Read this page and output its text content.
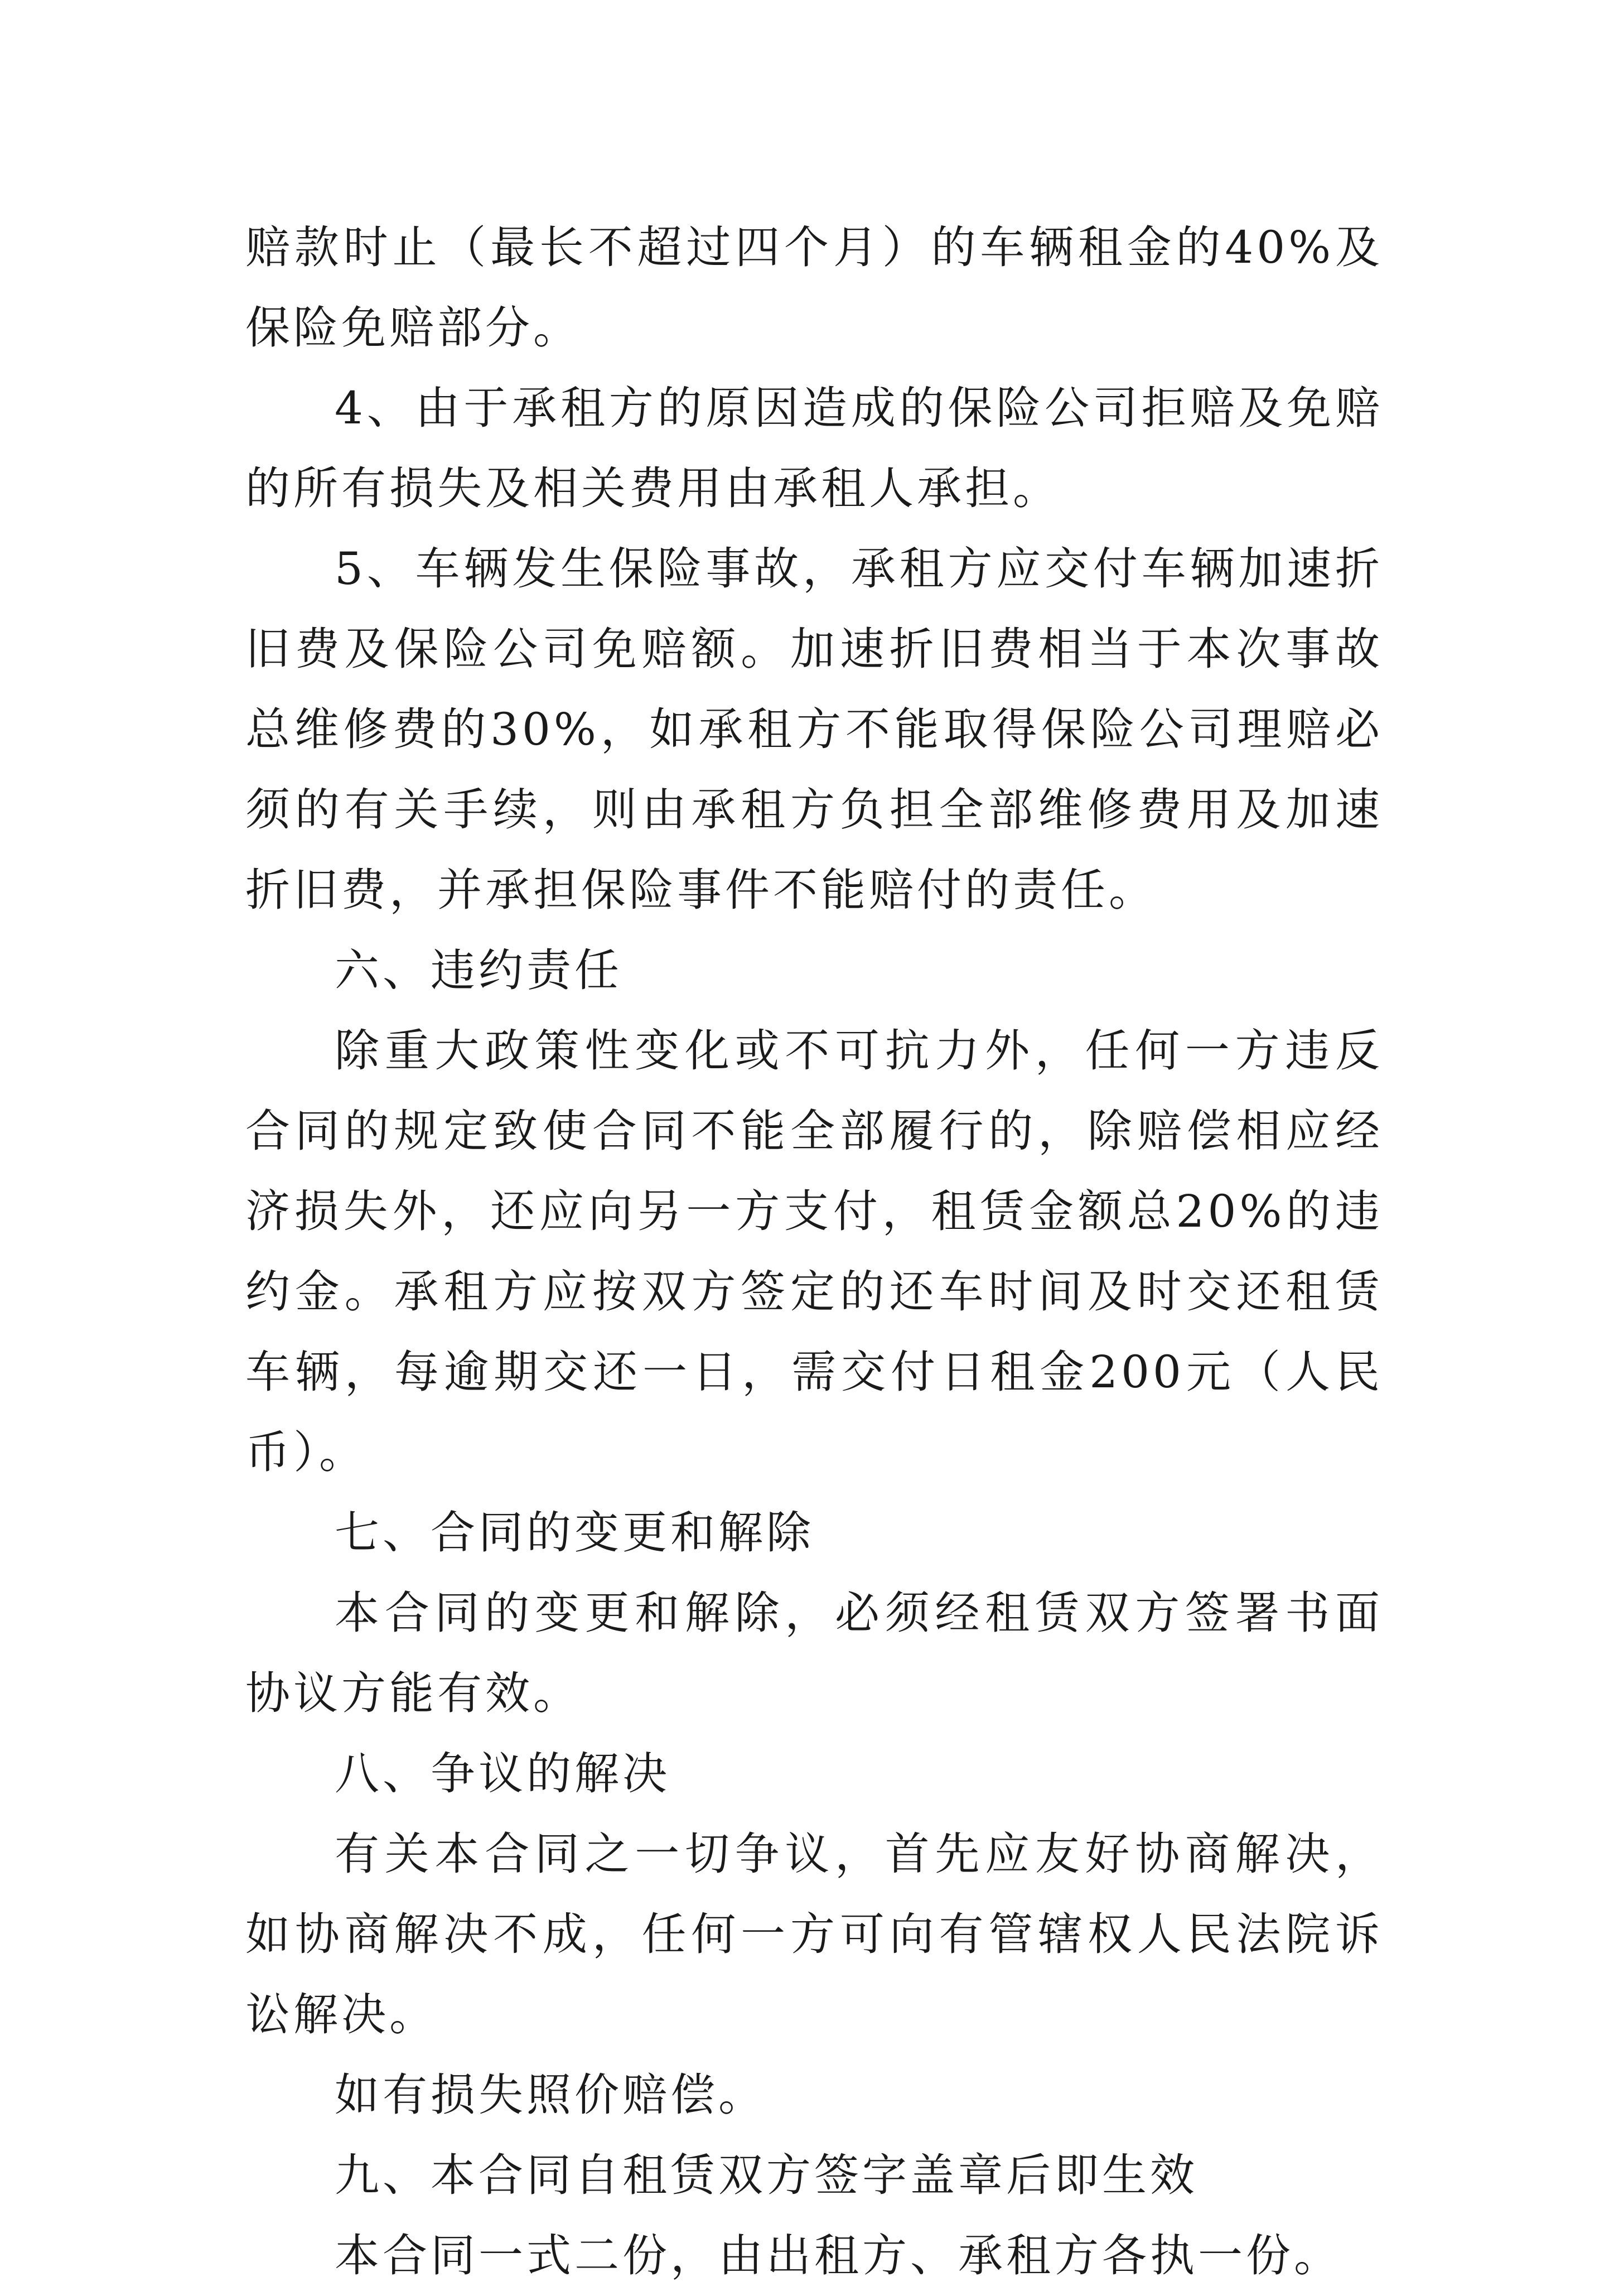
赔款时止（最长不超过四个月）的车辆租金的40%及保险免赔部分。

4、由于承租方的原因造成的保险公司拒赔及免赔的所有损失及相关费用由承租人承担。

5、车辆发生保险事故，承租方应交付车辆加速折旧费及保险公司免赔额。加速折旧费相当于本次事故总维修费的30%，如承租方不能取得保险公司理赔必须的有关手续，则由承租方负担全部维修费用及加速折旧费，并承担保险事件不能赔付的责任。

六、违约责任

除重大政策性变化或不可抗力外，任何一方违反合同的规定致使合同不能全部履行的，除赔偿相应经济损失外，还应向另一方支付，租赁金额总20%的违约金。承租方应按双方签定的还车时间及时交还租赁车辆，每逾期交还一日，需交付日租金200元（人民币）。

七、合同的变更和解除

本合同的变更和解除，必须经租赁双方签署书面协议方能有效。

八、争议的解决

有关本合同之一切争议，首先应友好协商解决，如协商解决不成，任何一方可向有管辖权人民法院诉讼解决。

如有损失照价赔偿。

九、本合同自租赁双方签字盖章后即生效

本合同一式二份，由出租方、承租方各执一份。
